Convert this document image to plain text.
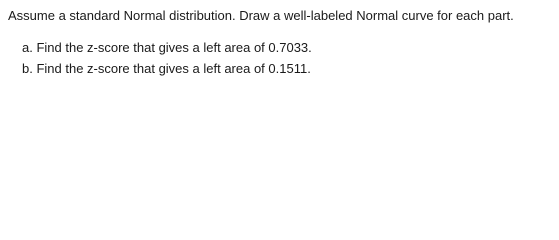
Assume a standard Normal distribution. Draw a well-labeled Normal curve for each part.
a. Find the z-score that gives a left area of 0.7033.
b. Find the z-score that gives a left area of 0.1511.
